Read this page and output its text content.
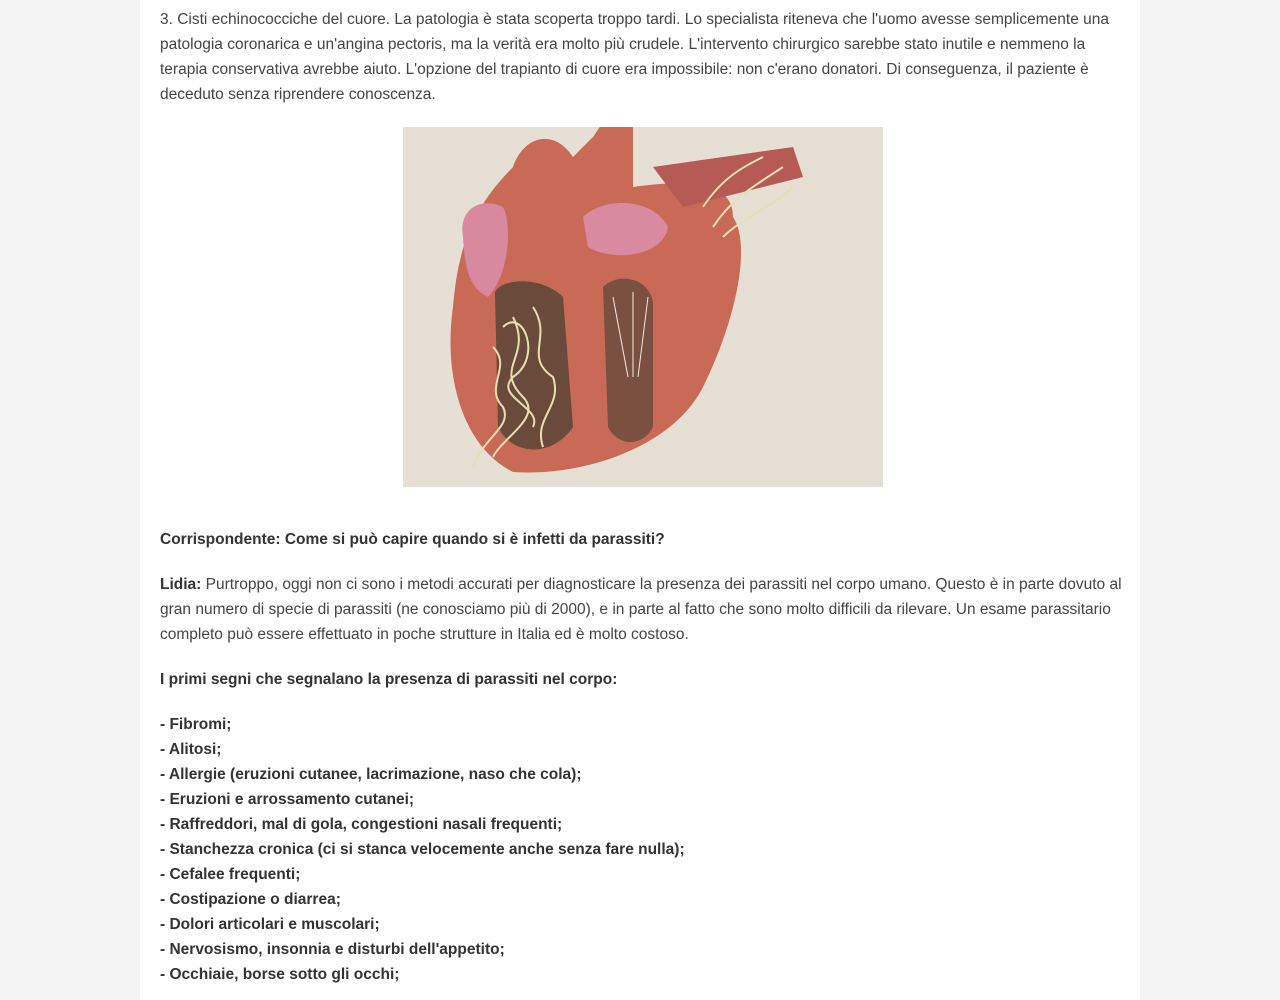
3. Cisti echinococciche del cuore. La patologia è stata scoperta troppo tardi. Lo specialista riteneva che l'uomo avesse semplicemente una patologia coronarica e un'angina pectoris, ma la verità era molto più crudele. L'intervento chirurgico sarebbe stato inutile e nemmeno la terapia conservativa avrebbe aiuto. L'opzione del trapianto di cuore era impossibile: non c'erano donatori. Di conseguenza, il paziente è deceduto senza riprendere conoscenza.

Corrispondente: Come si può capire quando si è infetti da parassiti?

Lidia: Purtroppo, oggi non ci sono i metodi accurati per diagnosticare la presenza dei parassiti nel corpo umano. Questo è in parte dovuto al gran numero di specie di parassiti (ne conosciamo più di 2000), e in parte al fatto che sono molto difficili da rilevare. Un esame parassitario completo può essere effettuato in poche strutture in Italia ed è molto costoso.

I primi segni che segnalano la presenza di parassiti nel corpo:

- Fibromi;
- Alitosi;
- Allergie (eruzioni cutanee, lacrimazione, naso che cola);
- Eruzioni e arrossamento cutanei;
- Raffreddori, mal di gola, congestioni nasali frequenti;
- Stanchezza cronica (ci si stanca velocemente anche senza fare nulla);
- Cefalee frequenti;
- Costipazione o diarrea;
- Dolori articolari e muscolari;
- Nervosismo, insonnia e disturbi dell'appetito;
- Occhiaie, borse sotto gli occhi;
